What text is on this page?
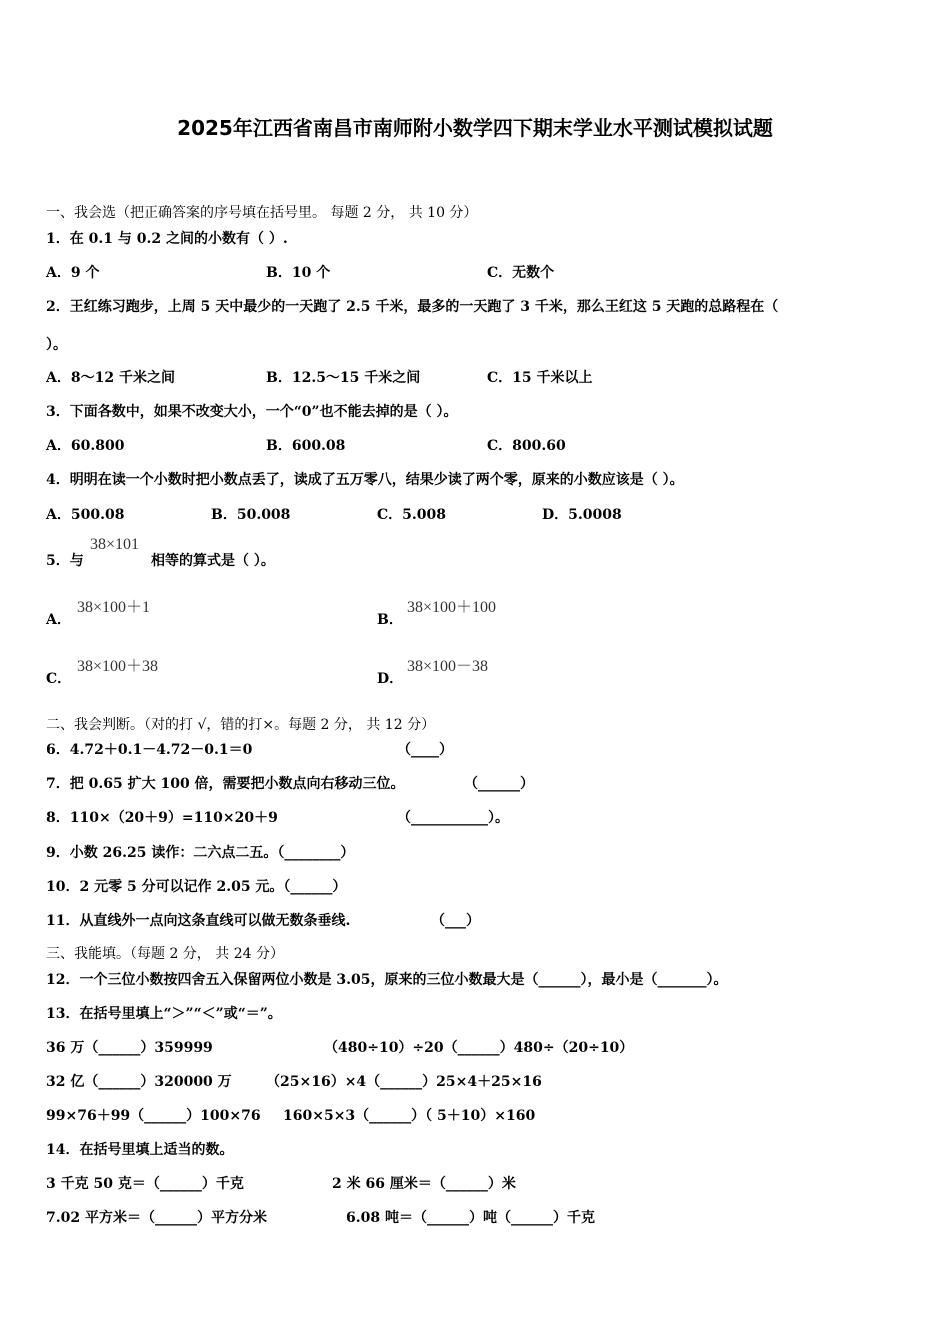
2025年江西省南昌市南师附小数学四下期末学业水平测试模拟试题
一、我会选（把正确答案的序号填在括号里。 每题 2 分， 共 10 分）
1．在 0.1 与 0.2 之间的小数有（ ）.
A．9 个	B．10 个	C．无数个
2．王红练习跑步，上周 5 天中最少的一天跑了 2.5 千米，最多的一天跑了 3 千米，那么王红这 5 天跑的总路程在（
）。
A．8～12 千米之间	B．12.5～15 千米之间	C．15 千米以上
3．下面各数中，如果不改变大小，一个“0”也不能去掉的是（ ）。
A．60.800	B．600.08	C．800.60
4．明明在读一个小数时把小数点丢了，读成了五万零八，结果少读了两个零，原来的小数应该是（ ）。
A．500.08	B．50.008	C．5.008	D．5.0008
5．与
38×101
相等的算式是（ ）。
A．
38×100＋1
B．
38×100＋100
C．
38×100＋38
D．
38×100－38
二、我会判断。（对的打 √，错的打×。每题 2 分， 共 12 分）
6．4.72＋0.1－4.72－0.1＝0	（____）
7．把 0.65 扩大 100 倍，需要把小数点向右移动三位。	（______）
8．110×（20＋9）=110×20＋9	（___________）。
9．小数 26.25 读作：二六点二五。（________）
10．2 元零 5 分可以记作 2.05 元。（______）
11．从直线外一点向这条直线可以做无数条垂线.	（___）
三、我能填。（每题 2 分， 共 24 分）
12．一个三位小数按四舍五入保留两位小数是 3.05，原来的三位小数最大是（______），最小是（_______）。
13．在括号里填上“＞”“＜”或“＝”。
36 万（______）359999	（480÷10）÷20（______）480÷（20÷10）
32 亿（______）320000 万 （25×16）×4（______）25×4＋25×16
99×76＋99（______）100×76 160×5×3（______）（ 5＋10）×160
14．在括号里填上适当的数。
3 千克 50 克＝（______）千克	2 米 66 厘米＝（______）米
7.02 平方米＝（______）平方分米	6.08 吨＝（______）吨（______）千克
